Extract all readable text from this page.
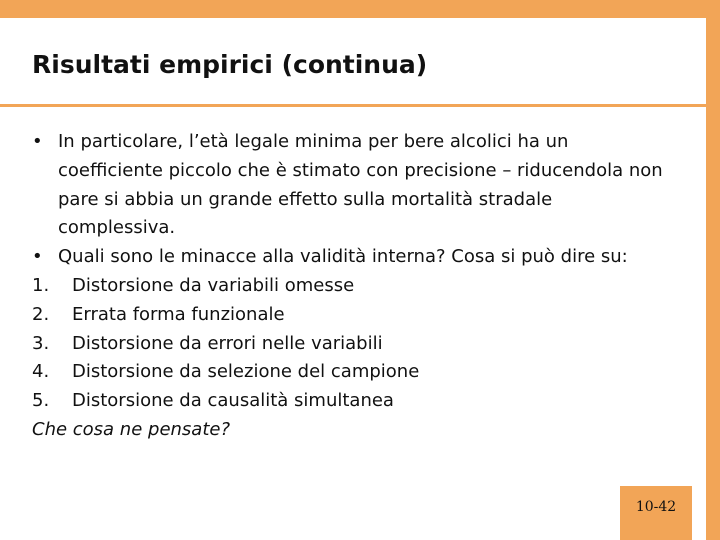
Risultati empirici (continua)
• In particolare, l’età legale minima per bere alcolici ha un coefficiente piccolo che è stimato con precisione – riducendola non pare si abbia un grande effetto sulla mortalità stradale complessiva.
• Quali sono le minacce alla validità interna? Cosa si può dire su:
1.	Distorsione da variabili omesse
2.	Errata forma funzionale
3.	Distorsione da errori nelle variabili
4.	Distorsione da selezione del campione
5.	Distorsione da causalità simultanea
Che cosa ne pensate?
10-42
